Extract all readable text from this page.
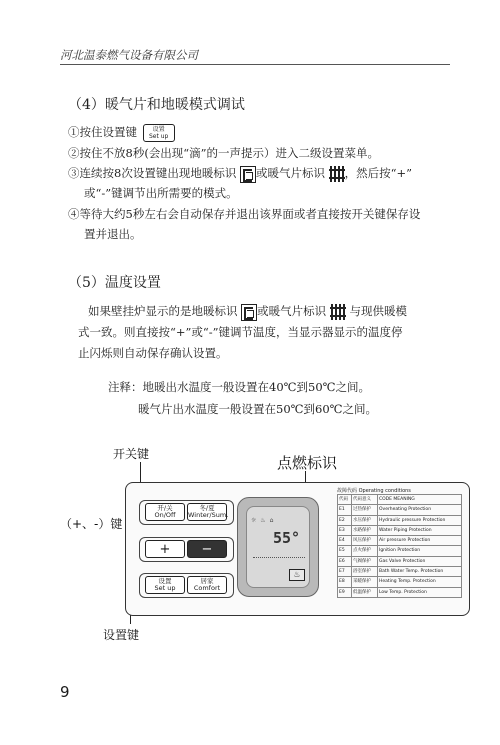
河北温泰燃气设备有限公司
（4）暖气片和地暖模式调试
①按住设置键	设置
Set up
②按住不放8秒(会出现“滴”的一声提示）进入二级设置菜单。
③连续按8次设置键出现地暖标识 或暖气片标识 ，然后按“+”
或“-”键调节出所需要的模式。
④等待大约5秒左右会自动保存并退出该界面或者直接按开关键保存设
置并退出。
（5）温度设置
如果壁挂炉显示的是地暖标识 或暖气片标识 与现供暖模
式一致。则直接按“+”或“-”键调节温度，当显示器显示的温度停
止闪烁则自动保存确认设置。
注释：地暖出水温度一般设置在40℃到50℃之间。
暖气片出水温度一般设置在50℃到60℃之间。
开关键	点燃标识
（+、-）键
设置键
开/关
On/Off
冬/夏
Winter/Sum.
+	−
设置
Set up
居家
Comfort
☼ ♨ ⌂
55°
♨
故障代码 Operating conditions
代码	代码意义	CODE MEANING
E1	过热保护	Overheating Protection
E2	水压保护	Hydraulic pressure Protection
E3	水路保护	Water Piping Protection
E4	风压保护	Air pressure Protection
E5	点火保护	Ignition Protection
E6	气阀保护	Gas Valve Protection
E7	浴室保护	Bath Water Temp. Protection
E8	采暖保护	Heating Temp. Protection
E9	低温保护	Low Temp. Protection
9
